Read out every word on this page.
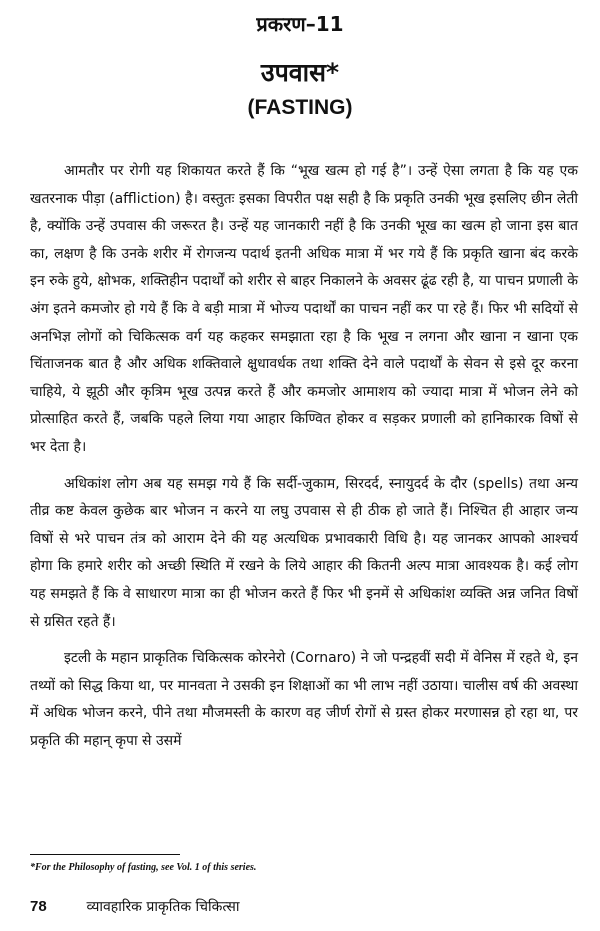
प्रकरण–11
उपवास*
(FASTING)

आमतौर पर रोगी यह शिकायत करते हैं कि “भूख खत्म हो गई है”। उन्हें ऐसा लगता है कि यह एक खतरनाक पीड़ा (affliction) है। वस्तुतः इसका विपरीत पक्ष सही है कि प्रकृति उनकी भूख इसलिए छीन लेती है, क्योंकि उन्हें उपवास की जरूरत है। उन्हें यह जानकारी नहीं है कि उनकी भूख का खत्म हो जाना इस बात का, लक्षण है कि उनके शरीर में रोगजन्य पदार्थ इतनी अधिक मात्रा में भर गये हैं कि प्रकृति खाना बंद करके इन रुके हुये, क्षोभक, शक्तिहीन पदार्थों को शरीर से बाहर निकालने के अवसर ढूंढ रही है, या पाचन प्रणाली के अंग इतने कमजोर हो गये हैं कि वे बड़ी मात्रा में भोज्य पदार्थों का पाचन नहीं कर पा रहे हैं। फिर भी सदियों से अनभिज्ञ लोगों को चिकित्सक वर्ग यह कहकर समझाता रहा है कि भूख न लगना और खाना न खाना एक चिंताजनक बात है और अधिक शक्तिवाले क्षुधावर्धक तथा शक्ति देने वाले पदार्थों के सेवन से इसे दूर करना चाहिये, ये झूठी और कृत्रिम भूख उत्पन्न करते हैं और कमजोर आमाशय को ज्यादा मात्रा में भोजन लेने को प्रोत्साहित करते हैं, जबकि पहले लिया गया आहार किण्वित होकर व सड़कर प्रणाली को हानिकारक विषों से भर देता है।

अधिकांश लोग अब यह समझ गये हैं कि सर्दी-जुकाम, सिरदर्द, स्नायुदर्द के दौर (spells) तथा अन्य तीव्र कष्ट केवल कुछेक बार भोजन न करने या लघु उपवास से ही ठीक हो जाते हैं। निश्चित ही आहार जन्य विषों से भरे पाचन तंत्र को आराम देने की यह अत्यधिक प्रभावकारी विधि है। यह जानकर आपको आश्चर्य होगा कि हमारे शरीर को अच्छी स्थिति में रखने के लिये आहार की कितनी अल्प मात्रा आवश्यक है। कई लोग यह समझते हैं कि वे साधारण मात्रा का ही भोजन करते हैं फिर भी इनमें से अधिकांश व्यक्ति अन्न जनित विषों से ग्रसित रहते हैं।

इटली के महान प्राकृतिक चिकित्सक कोरनेरो (Cornaro) ने जो पन्द्रहवीं सदी में वेनिस में रहते थे, इन तथ्यों को सिद्ध किया था, पर मानवता ने उसकी इन शिक्षाओं का भी लाभ नहीं उठाया। चालीस वर्ष की अवस्था में अधिक भोजन करने, पीने तथा मौजमस्ती के कारण वह जीर्ण रोगों से ग्रस्त होकर मरणासन्न हो रहा था, पर प्रकृति की महान् कृपा से उसमें

*For the Philosophy of fasting, see Vol. 1 of this series.
78	व्यावहारिक प्राकृतिक चिकित्सा
